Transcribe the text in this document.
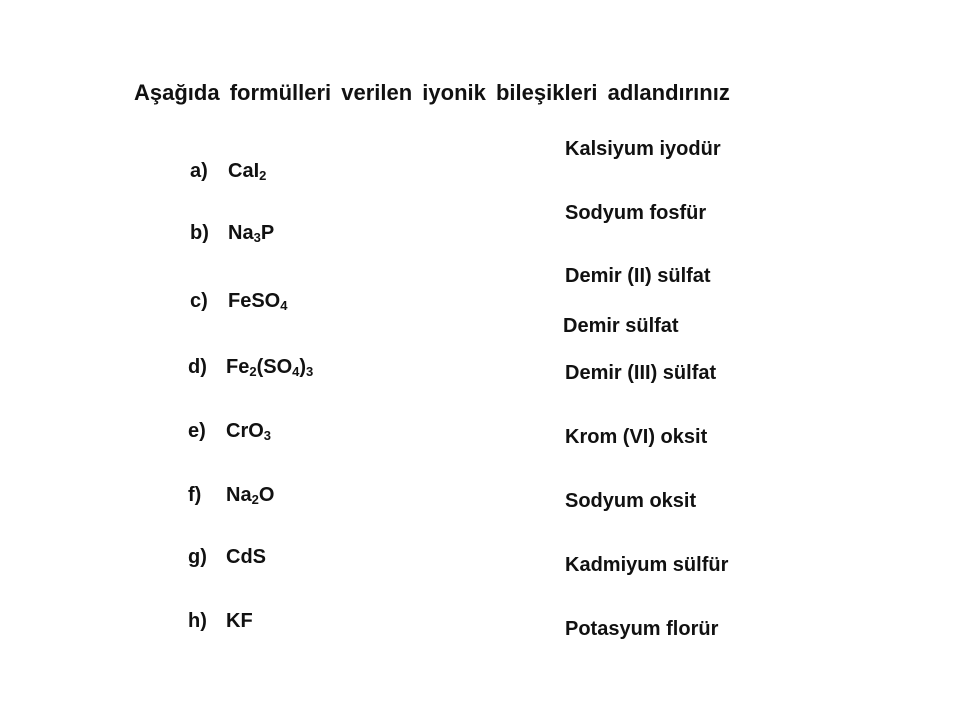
Aşağıda formülleri verilen iyonik bileşikleri adlandırınız
a) CaI$_2$
b) $Na_3P$
c) FeSO$_4$
d) $Fe_2(SO_4)_3$
e) CrO$_3$
f) $Na_2O$
g) CdS
h) KF
Kalsiyum iyodür
Sodyum fosfür
Demir (II) sülfat
Demir sülfat
Demir (III) sülfat
Krom (VI) oksit
Sodyum oksit
Kadmiyum sülfür
Potasyum florür
